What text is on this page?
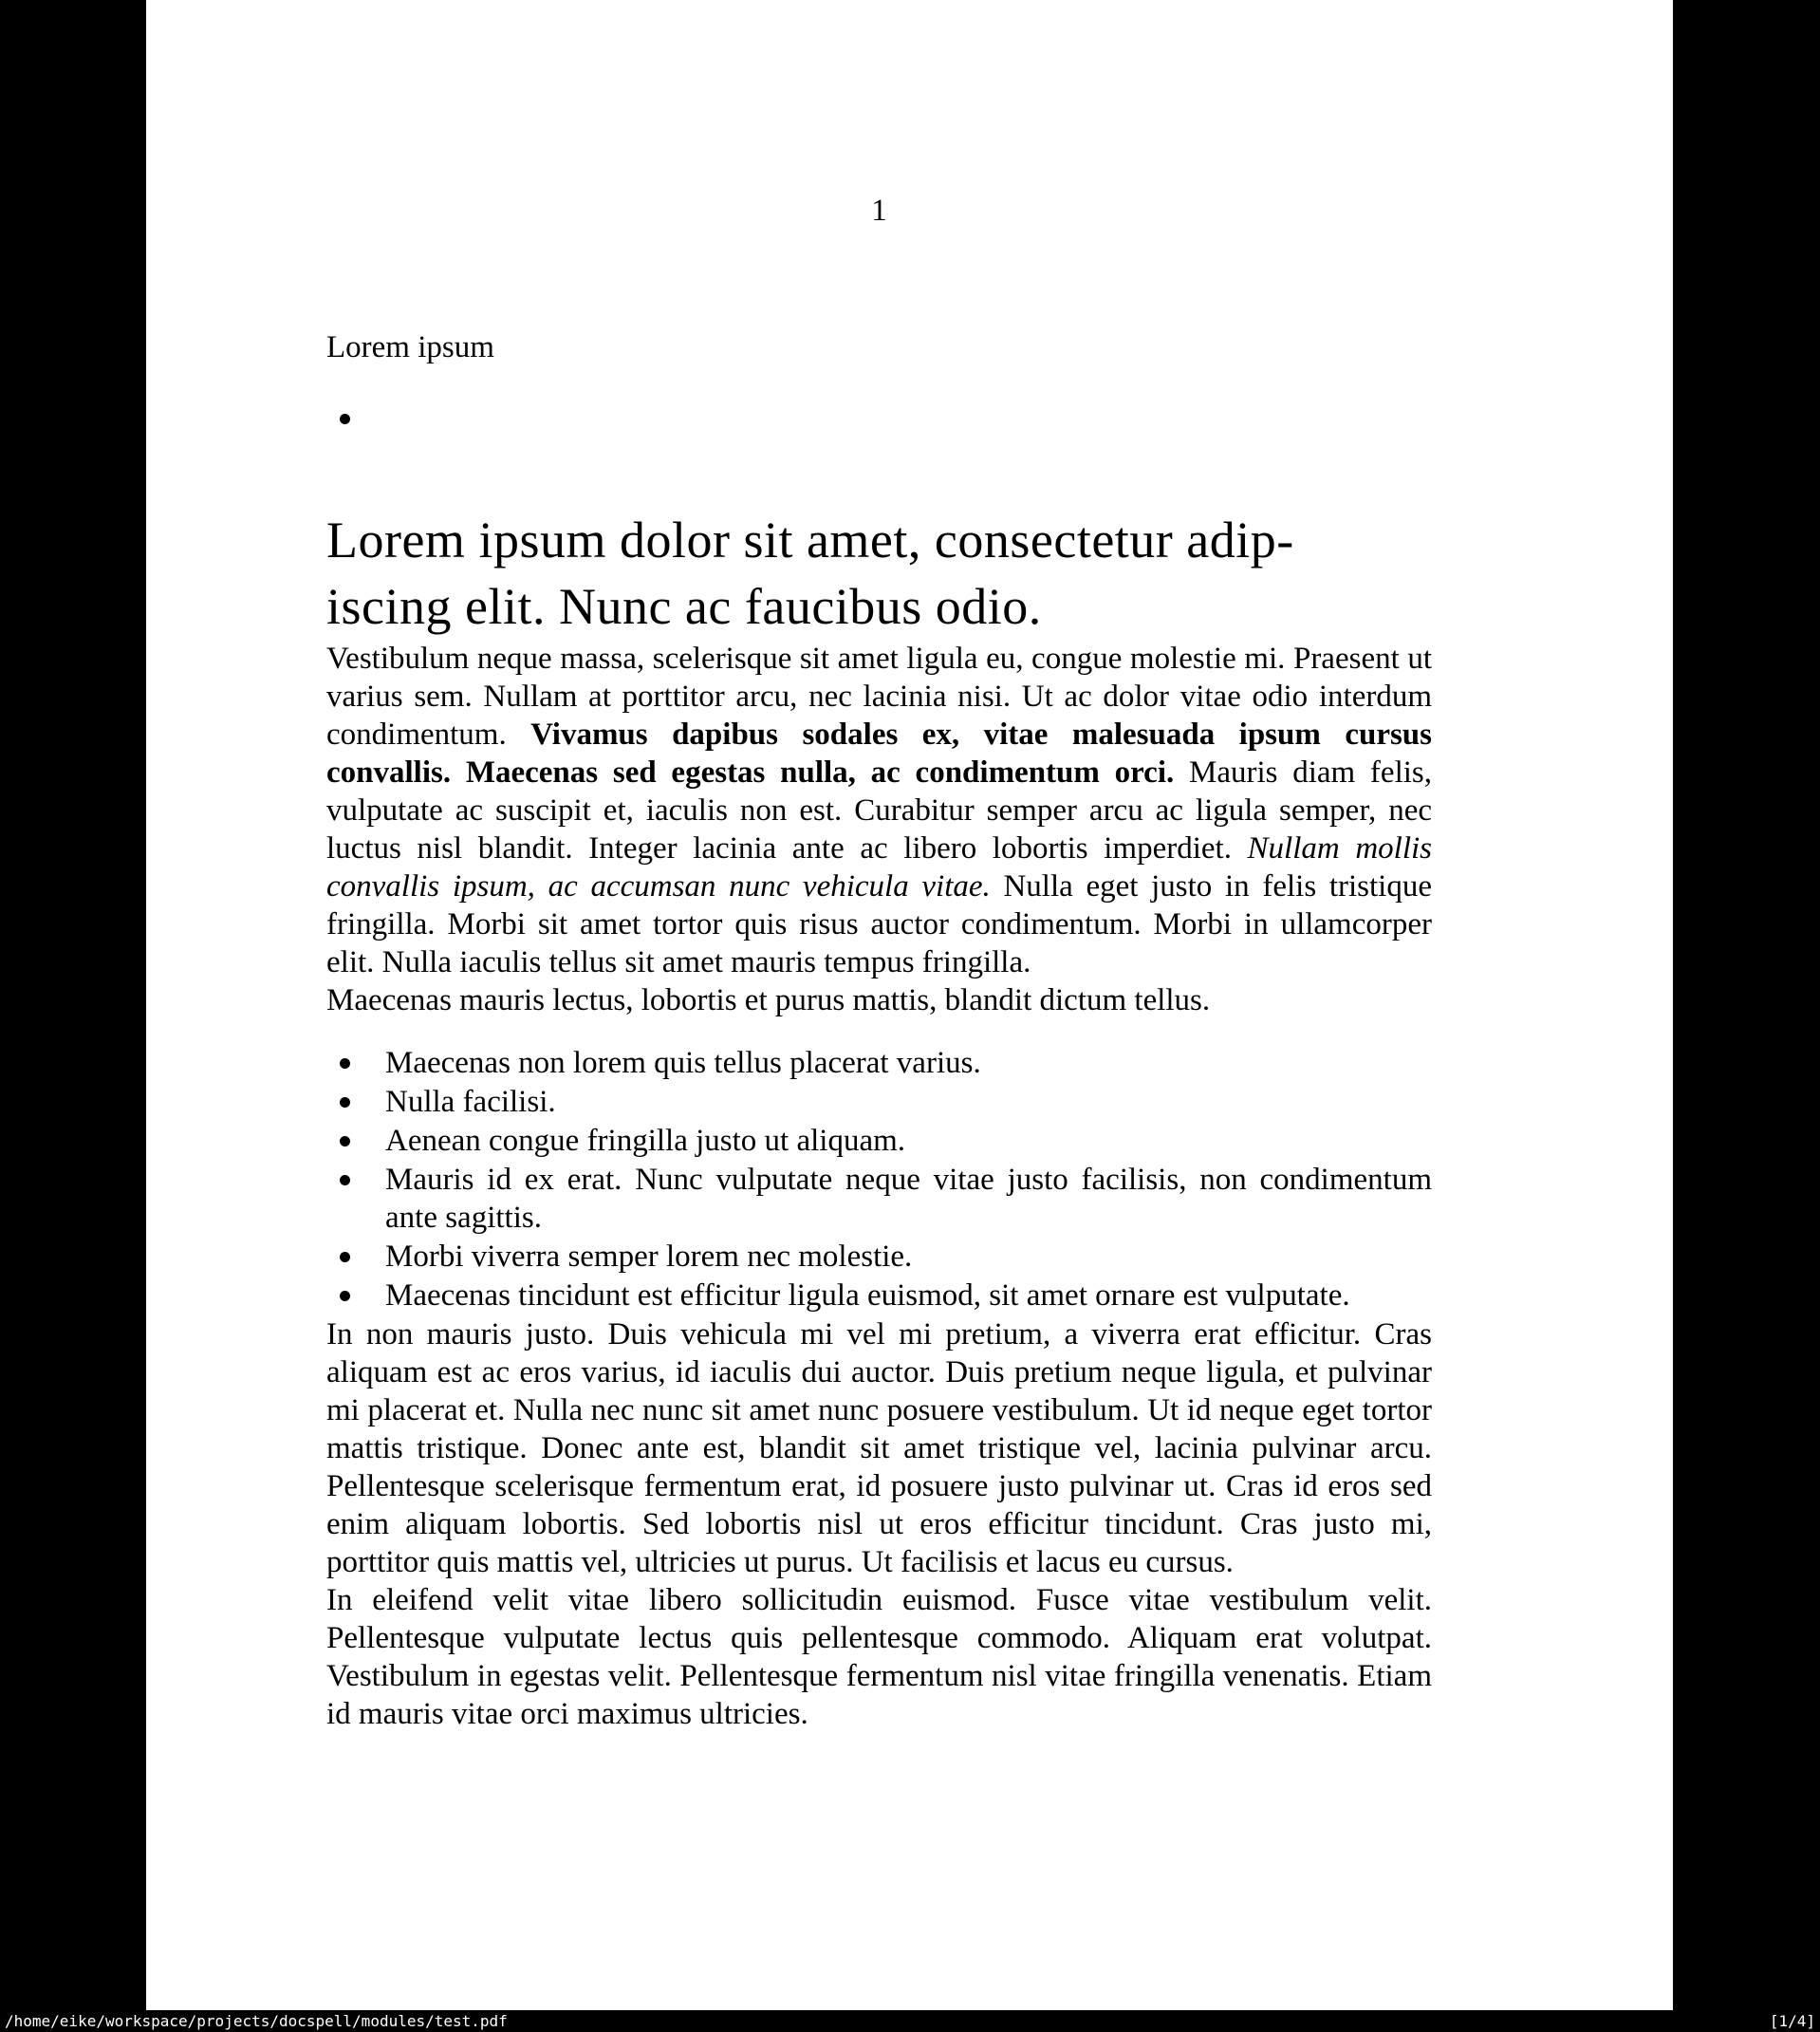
1
Lorem ipsum
Lorem ipsum dolor sit amet, consectetur adip-
iscing elit. Nunc ac faucibus odio.

Vestibulum neque massa, scelerisque sit amet ligula eu, congue molestie mi. Praesent ut varius sem. Nullam at porttitor arcu, nec lacinia nisi. Ut ac dolor vitae odio interdum condimentum. Vivamus dapibus sodales ex, vitae malesuada ipsum cursus convallis. Maecenas sed egestas nulla, ac condimentum orci. Mauris diam felis, vulputate ac suscipit et, iaculis non est. Curabitur semper arcu ac ligula semper, nec luctus nisl blandit. Integer lacinia ante ac libero lobortis imperdiet. Nullam mollis convallis ipsum, ac accumsan nunc vehicula vitae. Nulla eget justo in felis tristique fringilla. Morbi sit amet tortor quis risus auctor condimentum. Morbi in ullamcorper elit. Nulla iaculis tellus sit amet mauris tempus fringilla.

Maecenas mauris lectus, lobortis et purus mattis, blandit dictum tellus.

Maecenas non lorem quis tellus placerat varius.
Nulla facilisi.
Aenean congue fringilla justo ut aliquam.
Mauris id ex erat. Nunc vulputate neque vitae justo facilisis, non condimentum ante sagittis.
Morbi viverra semper lorem nec molestie.
Maecenas tincidunt est efficitur ligula euismod, sit amet ornare est vulputate.

In non mauris justo. Duis vehicula mi vel mi pretium, a viverra erat efficitur. Cras aliquam est ac eros varius, id iaculis dui auctor. Duis pretium neque ligula, et pulvinar mi placerat et. Nulla nec nunc sit amet nunc posuere vestibulum. Ut id neque eget tortor mattis tristique. Donec ante est, blandit sit amet tristique vel, lacinia pulvinar arcu. Pellentesque scelerisque fermentum erat, id posuere justo pulvinar ut. Cras id eros sed enim aliquam lobortis. Sed lobortis nisl ut eros efficitur tincidunt. Cras justo mi, porttitor quis mattis vel, ultricies ut purus. Ut facilisis et lacus eu cursus.

In eleifend velit vitae libero sollicitudin euismod. Fusce vitae vestibulum velit. Pellentesque vulputate lectus quis pellentesque commodo. Aliquam erat volutpat. Vestibulum in egestas velit. Pellentesque fermentum nisl vitae fringilla venenatis. Etiam id mauris vitae orci maximus ultricies.

/home/eike/workspace/projects/docspell/modules/test.pdf	[1/4]
